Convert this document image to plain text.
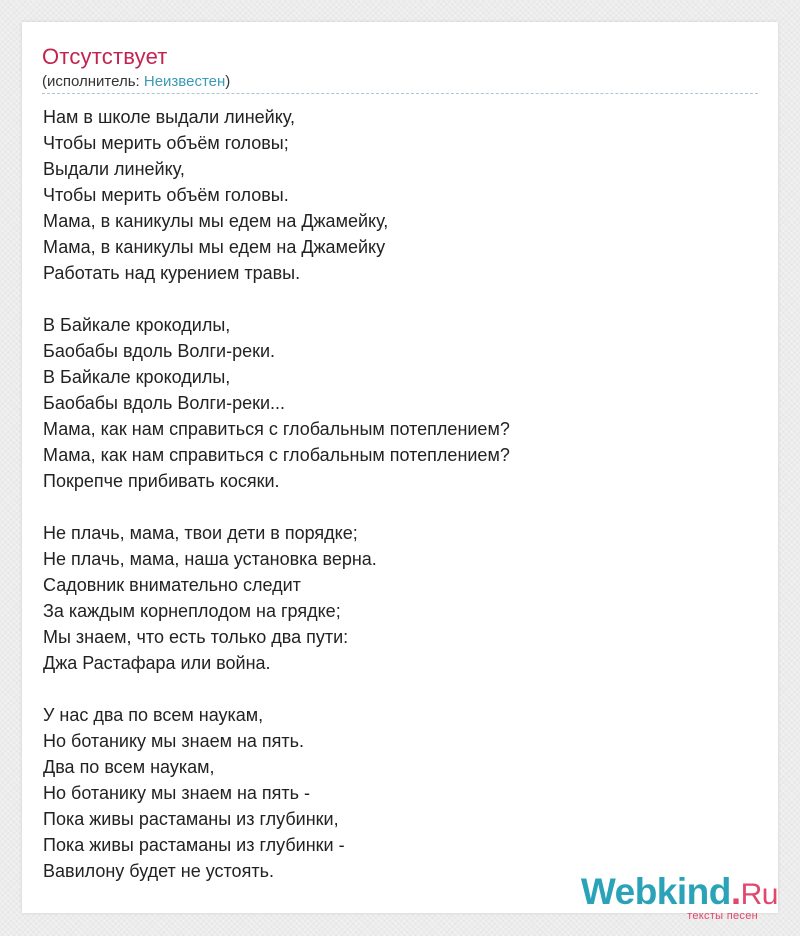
Отсутствует
(исполнитель: Неизвестен)
Нам в школе выдали линейку,
Чтобы мерить объём головы;
Выдали линейку,
Чтобы мерить объём головы.
Мама, в каникулы мы едем на Джамейку,
Мама, в каникулы мы едем на Джамейку
Работать над курением травы.
В Байкале крокодилы,
Баобабы вдоль Волги-реки.
В Байкале крокодилы,
Баобабы вдоль Волги-реки...
Мама, как нам справиться с глобальным потеплением?
Мама, как нам справиться с глобальным потеплением?
Покрепче прибивать косяки.
Не плачь, мама, твои дети в порядке;
Не плачь, мама, наша установка верна.
Садовник внимательно следит
За каждым корнеплодом на грядке;
Мы знаем, что есть только два пути:
Джа Растафара или война.
У нас два по всем наукам,
Но ботанику мы знаем на пять.
Два по всем наукам,
Но ботанику мы знаем на пять -
Пока живы растаманы из глубинки,
Пока живы растаманы из глубинки -
Вавилону будет не устоять.	Webkind.Ru
тексты песен
